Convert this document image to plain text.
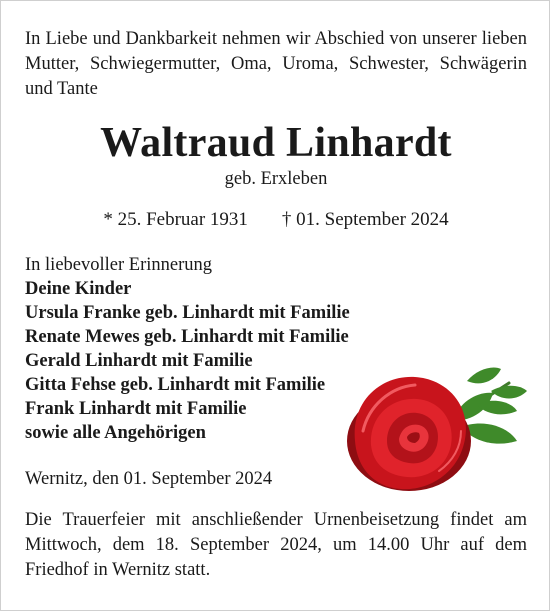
In Liebe und Dankbarkeit nehmen wir Abschied von unserer lieben Mutter, Schwiegermutter, Oma, Uroma, Schwester, Schwägerin und Tante
Waltraud Linhardt
geb. Erxleben
* 25. Februar 1931 † 01. September 2024
In liebevoller Erinnerung
Deine Kinder
Ursula Franke geb. Linhardt mit Familie
Renate Mewes geb. Linhardt mit Familie
Gerald Linhardt mit Familie
Gitta Fehse geb. Linhardt mit Familie
Frank Linhardt mit Familie
sowie alle Angehörigen
Wernitz, den 01. September 2024
Die Trauerfeier mit anschließender Urnenbeisetzung findet am Mittwoch, dem 18. September 2024, um 14.00 Uhr auf dem Friedhof in Wernitz statt.
